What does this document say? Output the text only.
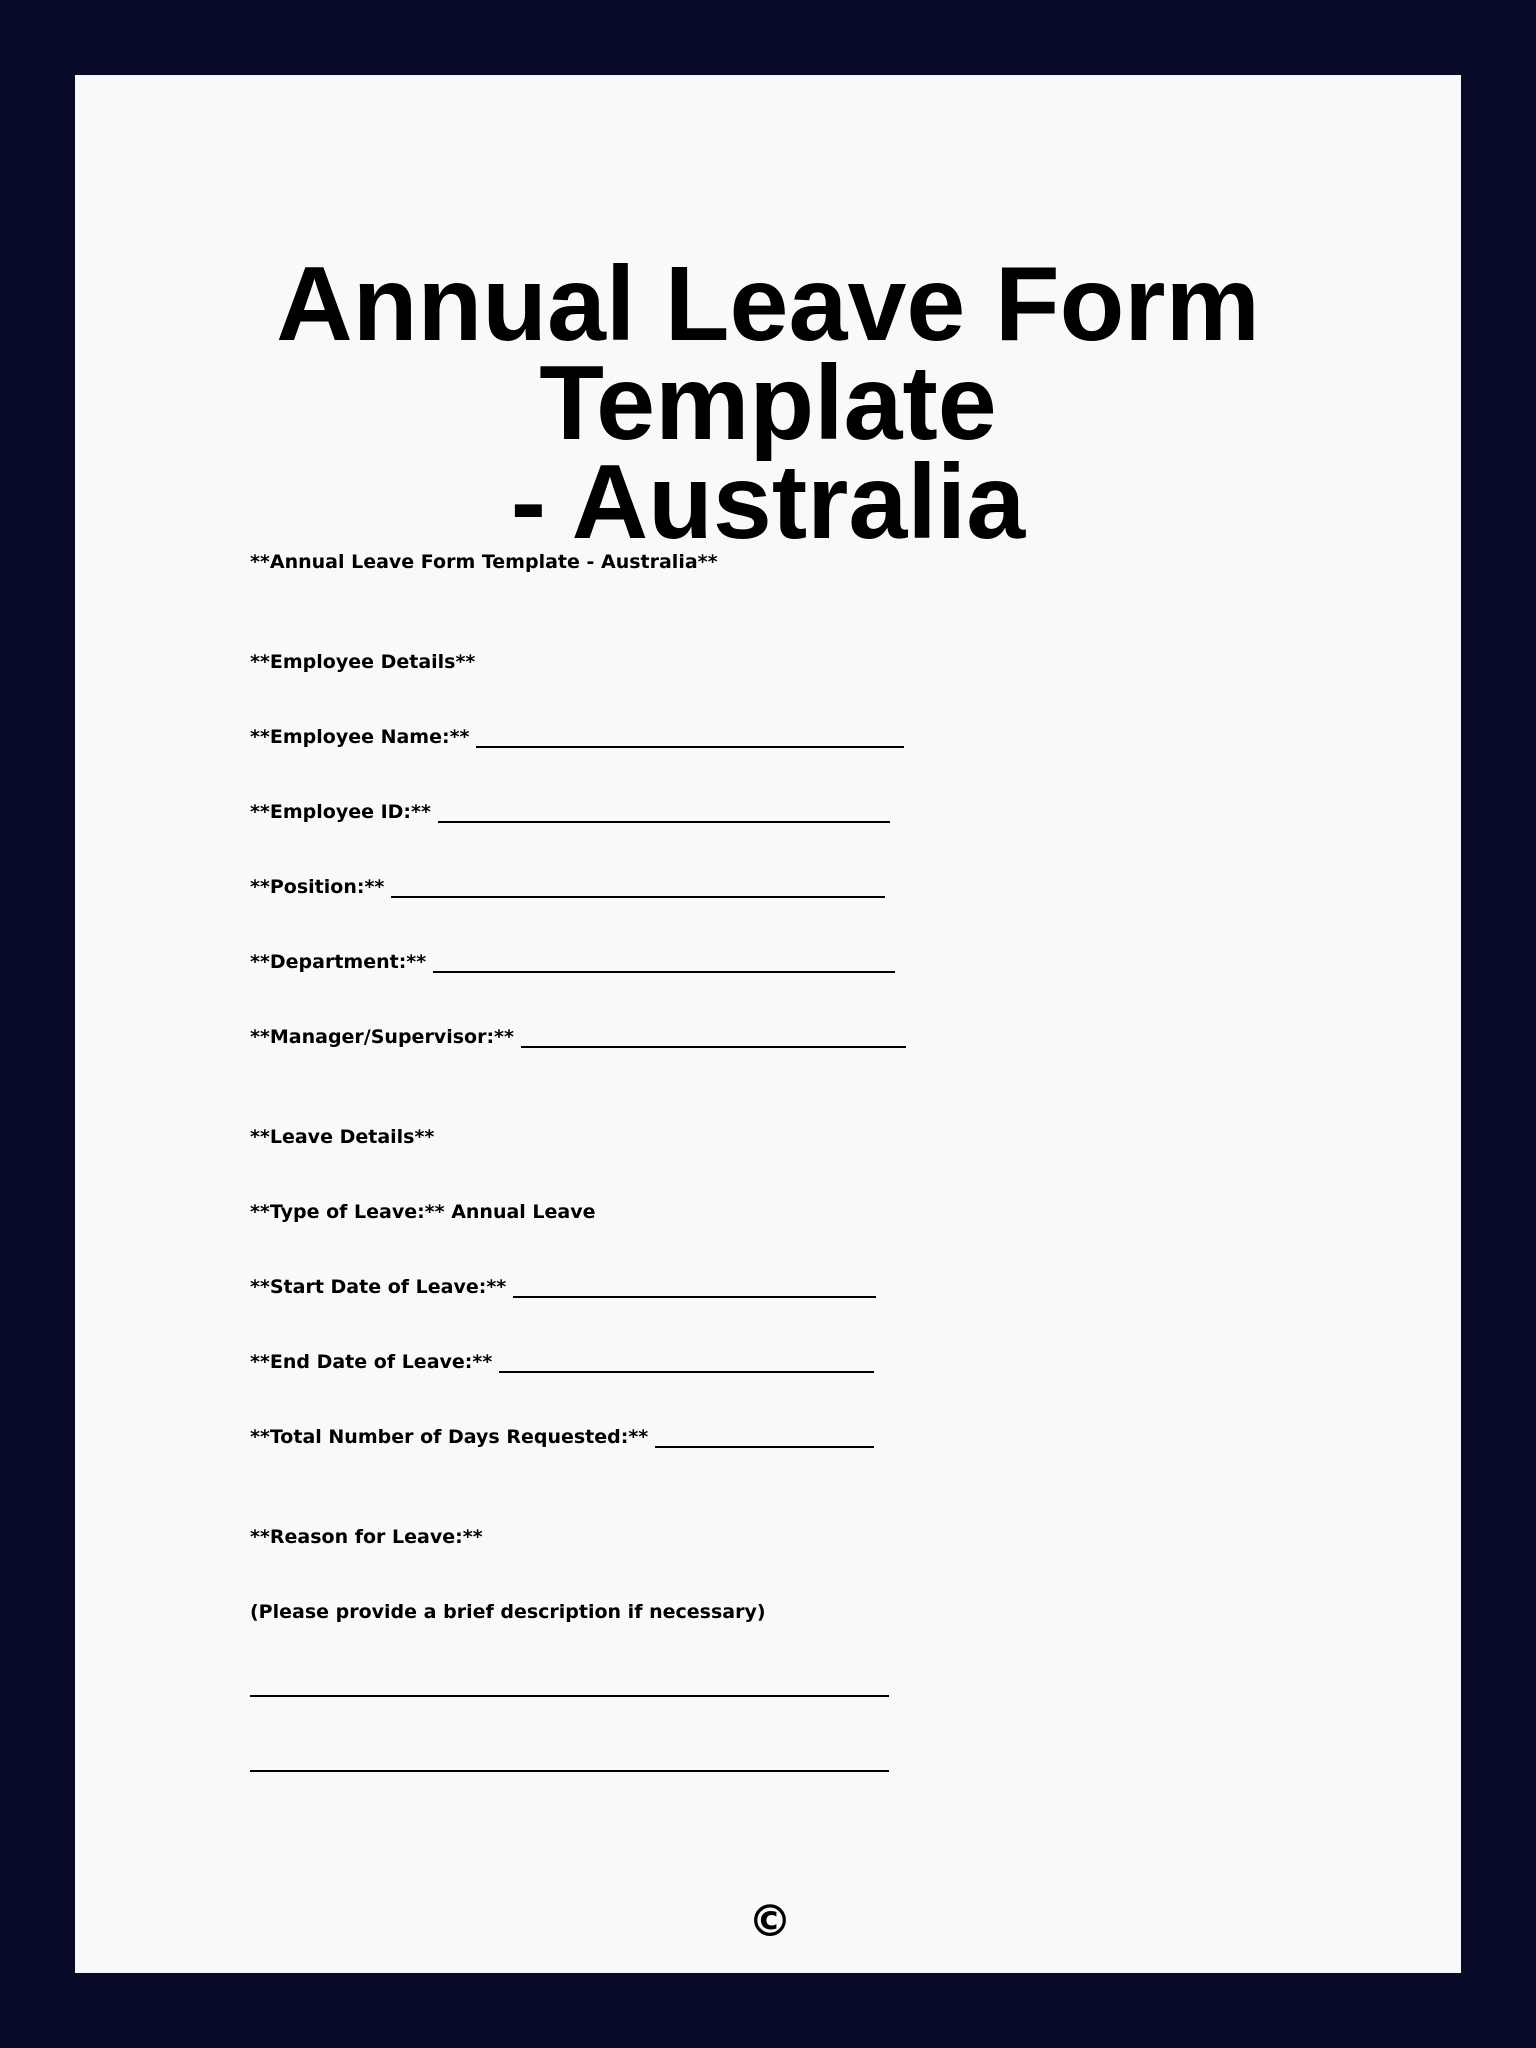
Annual Leave Form Template
- Australia
**Annual Leave Form Template - Australia**
**Employee Details**
**Employee Name:**
**Employee ID:**
**Position:**
**Department:**
**Manager/Supervisor:**
**Leave Details**
**Type of Leave:** Annual Leave
**Start Date of Leave:**
**End Date of Leave:**
**Total Number of Days Requested:**
**Reason for Leave:**
(Please provide a brief description if necessary)
©
